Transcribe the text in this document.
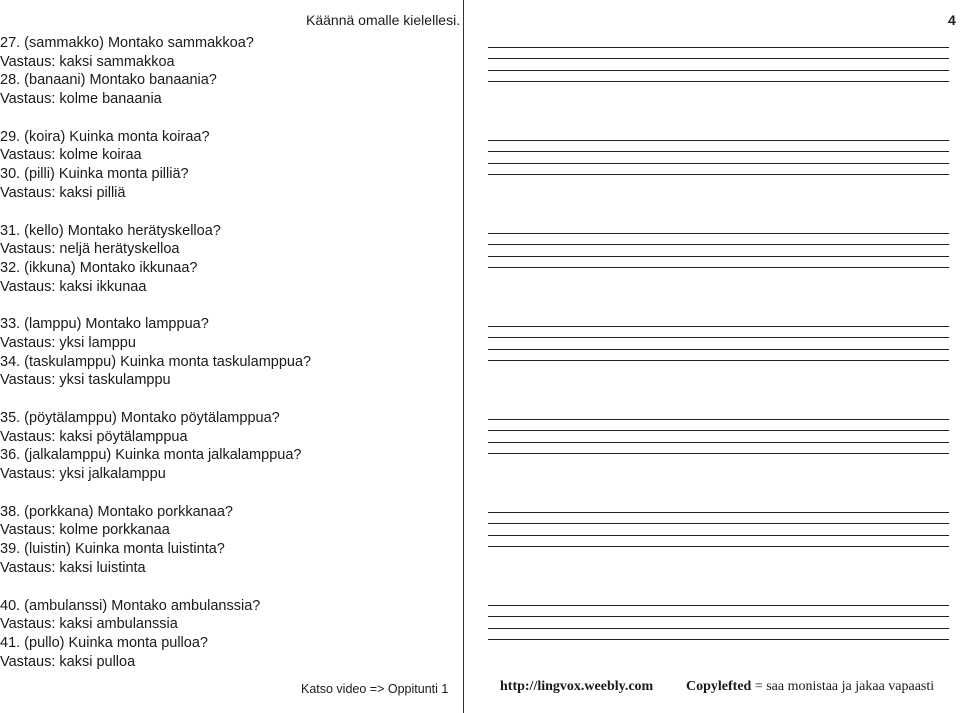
Käännä omalle kielellesi.	4
27. (sammakko) Montako sammakkoa?
Vastaus: kaksi sammakkoa
28. (banaani) Montako banaania?
Vastaus: kolme banaania
29. (koira) Kuinka monta koiraa?
Vastaus: kolme koiraa
30. (pilli) Kuinka monta pilliä?
Vastaus: kaksi pilliä
31. (kello) Montako herätyskelloa?
Vastaus: neljä herätyskelloa
32. (ikkuna) Montako ikkunaa?
Vastaus: kaksi ikkunaa
33. (lamppu) Montako lamppua?
Vastaus: yksi lamppu
34. (taskulamppu) Kuinka monta taskulamppua?
Vastaus: yksi taskulamppu
35. (pöytälamppu) Montako pöytälamppua?
Vastaus: kaksi pöytälamppua
36. (jalkalamppu) Kuinka monta jalkalamppua?
Vastaus: yksi jalkalamppu
38. (porkkana) Montako porkkanaa?
Vastaus: kolme porkkanaa
39. (luistin) Kuinka monta luistinta?
Vastaus: kaksi luistinta
40. (ambulanssi) Montako ambulanssia?
Vastaus: kaksi ambulanssia
41. (pullo) Kuinka monta pulloa?
Vastaus: kaksi pulloa
Katso video => Oppitunti 1	http://lingvox.weebly.com Copylefted = saa monistaa ja jakaa vapaasti
